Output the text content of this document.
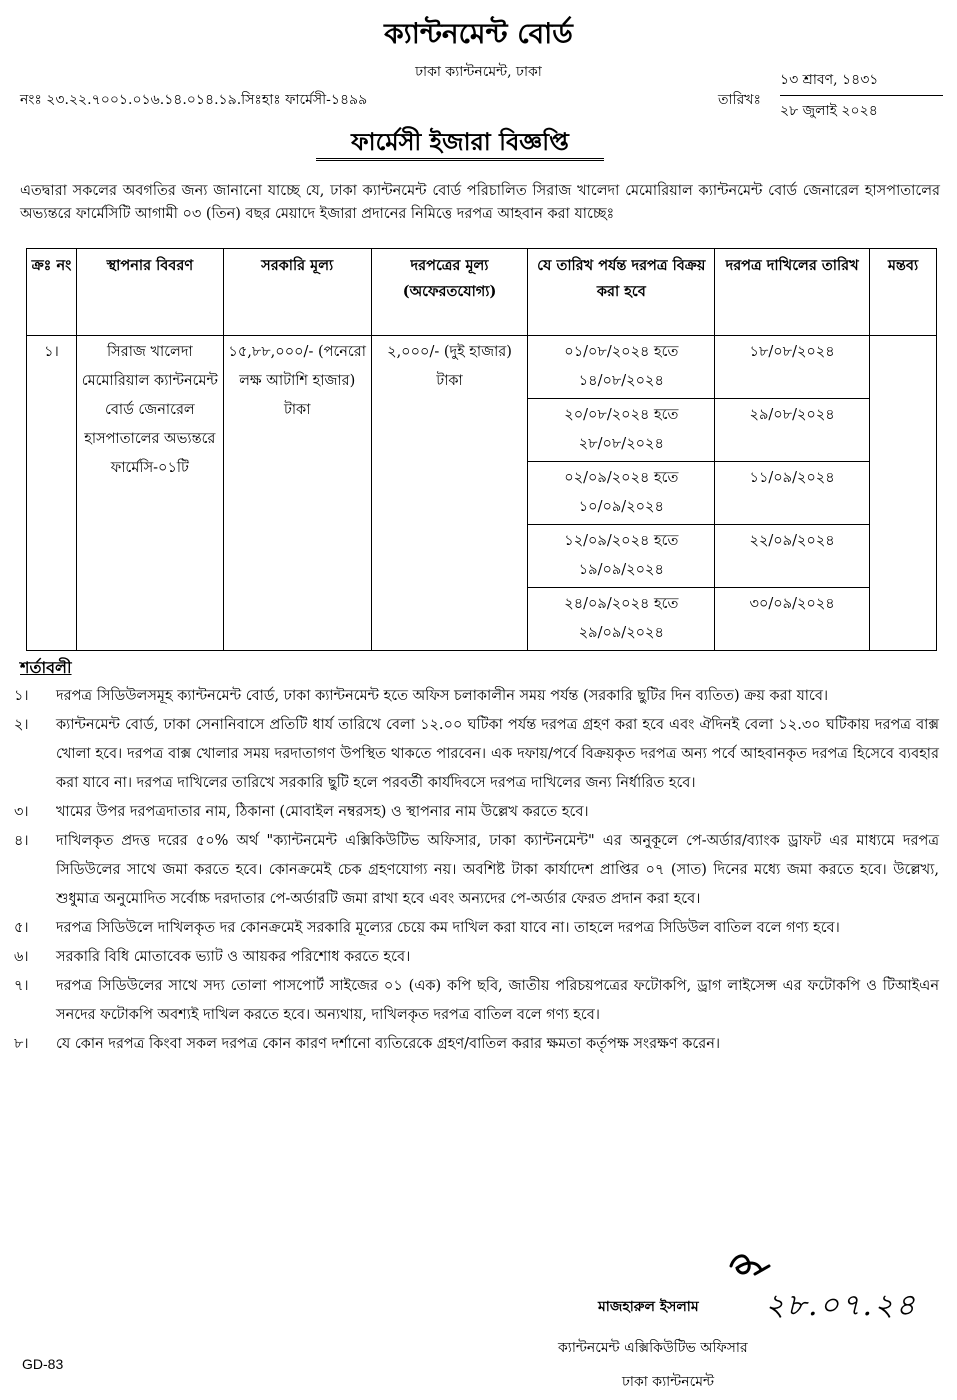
ক্যান্টনমেন্ট বোর্ড
ঢাকা ক্যান্টনমেন্ট, ঢাকা
নংঃ ২৩.২২.৭০০১.০১৬.১৪.০১৪.১৯.সিঃহাঃ ফার্মেসী-১৪৯৯	তারিখঃ
১৩ শ্রাবণ, ১৪৩১
২৮ জুলাই ২০২৪
ফার্মেসী ইজারা বিজ্ঞপ্তি
এতদ্বারা সকলের অবগতির জন্য জানানো যাচ্ছে যে, ঢাকা ক্যান্টনমেন্ট বোর্ড পরিচালিত সিরাজ খালেদা মেমোরিয়াল ক্যান্টনমেন্ট বোর্ড জেনারেল হাসপাতালের অভ্যন্তরে ফার্মেসিটি আগামী ০৩ (তিন) বছর মেয়াদে ইজারা প্রদানের নিমিত্তে দরপত্র আহবান করা যাচ্ছেঃ
ক্রঃ নং	স্থাপনার বিবরণ	সরকারি মূল্য	দরপত্রের মূল্য (অফেরতযোগ্য)	যে তারিখ পর্যন্ত দরপত্র বিক্রয় করা হবে	দরপত্র দাখিলের তারিখ	মন্তব্য
১।	সিরাজ খালেদা মেমোরিয়াল ক্যান্টনমেন্ট বোর্ড জেনারেল হাসপাতালের অভ্যন্তরে ফার্মেসি-০১টি	১৫,৮৮,০০০/- (পনেরো লক্ষ আটাশি হাজার) টাকা	২,০০০/- (দুই হাজার) টাকা	০১/০৮/২০২৪ হতে ১৪/০৮/২০২৪	১৮/০৮/২০২৪	
				২০/০৮/২০২৪ হতে ২৮/০৮/২০২৪	২৯/০৮/২০২৪	
				০২/০৯/২০২৪ হতে ১০/০৯/২০২৪	১১/০৯/২০২৪	
				১২/০৯/২০২৪ হতে ১৯/০৯/২০২৪	২২/০৯/২০২৪	
				২৪/০৯/২০২৪ হতে ২৯/০৯/২০২৪	৩০/০৯/২০২৪	
শর্তাবলী
১।	দরপত্র সিডিউলসমূহ ক্যান্টনমেন্ট বোর্ড, ঢাকা ক্যান্টনমেন্ট হতে অফিস চলাকালীন সময় পর্যন্ত (সরকারি ছুটির দিন ব্যতিত) ক্রয় করা যাবে।
২।	ক্যান্টনমেন্ট বোর্ড, ঢাকা সেনানিবাসে প্রতিটি ধার্য তারিখে বেলা ১২.০০ ঘটিকা পর্যন্ত দরপত্র গ্রহণ করা হবে এবং ঐদিনই বেলা ১২.৩০ ঘটিকায় দরপত্র বাক্স খোলা হবে। দরপত্র বাক্স খোলার সময় দরদাতাগণ উপস্থিত থাকতে পারবেন। এক দফায়/পর্বে বিক্রয়কৃত দরপত্র অন্য পর্বে আহবানকৃত দরপত্র হিসেবে ব্যবহার করা যাবে না। দরপত্র দাখিলের তারিখে সরকারি ছুটি হলে পরবর্তী কার্যদিবসে দরপত্র দাখিলের জন্য নির্ধারিত হবে।
৩।	খামের উপর দরপত্রদাতার নাম, ঠিকানা (মোবাইল নম্বরসহ) ও স্থাপনার নাম উল্লেখ করতে হবে।
৪।	দাখিলকৃত প্রদত্ত দরের ৫০% অর্থ "ক্যান্টনমেন্ট এক্সিকিউটিভ অফিসার, ঢাকা ক্যান্টনমেন্ট" এর অনুকূলে পে-অর্ডার/ব্যাংক ড্রাফট এর মাধ্যমে দরপত্র সিডিউলের সাথে জমা করতে হবে। কোনক্রমেই চেক গ্রহণযোগ্য নয়। অবশিষ্ট টাকা কার্যাদেশ প্রাপ্তির ০৭ (সাত) দিনের মধ্যে জমা করতে হবে। উল্লেখ্য, শুধুমাত্র অনুমোদিত সর্বোচ্চ দরদাতার পে-অর্ডারটি জমা রাখা হবে এবং অন্যদের পে-অর্ডার ফেরত প্রদান করা হবে।
৫।	দরপত্র সিডিউলে দাখিলকৃত দর কোনক্রমেই সরকারি মূল্যের চেয়ে কম দাখিল করা যাবে না। তাহলে দরপত্র সিডিউল বাতিল বলে গণ্য হবে।
৬।	সরকারি বিধি মোতাবেক ভ্যাট ও আয়কর পরিশোধ করতে হবে।
৭।	দরপত্র সিডিউলের সাথে সদ্য তোলা পাসপোর্ট সাইজের ০১ (এক) কপি ছবি, জাতীয় পরিচয়পত্রের ফটোকপি, ড্রাগ লাইসেন্স এর ফটোকপি ও টিআইএন সনদের ফটোকপি অবশ্যই দাখিল করতে হবে। অন্যথায়, দাখিলকৃত দরপত্র বাতিল বলে গণ্য হবে।
৮।	যে কোন দরপত্র কিংবা সকল দরপত্র কোন কারণ দর্শানো ব্যতিরেকে গ্রহণ/বাতিল করার ক্ষমতা কর্তৃপক্ষ সংরক্ষণ করেন।
মাজহারুল ইসলাম ২৮.০৭.২৪
ক্যান্টনমেন্ট এক্সিকিউটিভ অফিসার
ঢাকা ক্যান্টনমেন্ট
GD-83
